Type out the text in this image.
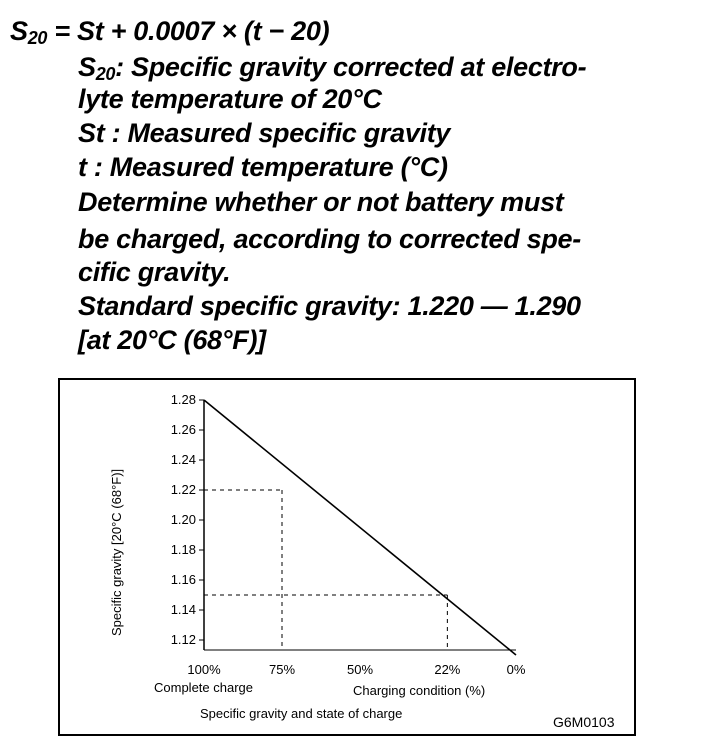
$S_{20} = St + 0.0007 \times (t - 20)$
$S_{20}$: Specific gravity corrected at electro-
lyte temperature of 20°C
St : Measured specific gravity
t : Measured temperature (°C)
Determine whether or not battery must
be charged, according to corrected spe-
cific gravity.
Standard specific gravity: 1.220 — 1.290
[at 20°C (68°F)]
Specific gravity [20°C (68°F)]
1.28
1.26
1.24
1.22
1.20
1.18
1.16
1.14
1.12
100%	75%	50%	22%	0%
Complete charge	Charging condition (%)
Specific gravity and state of charge
G6M0103
